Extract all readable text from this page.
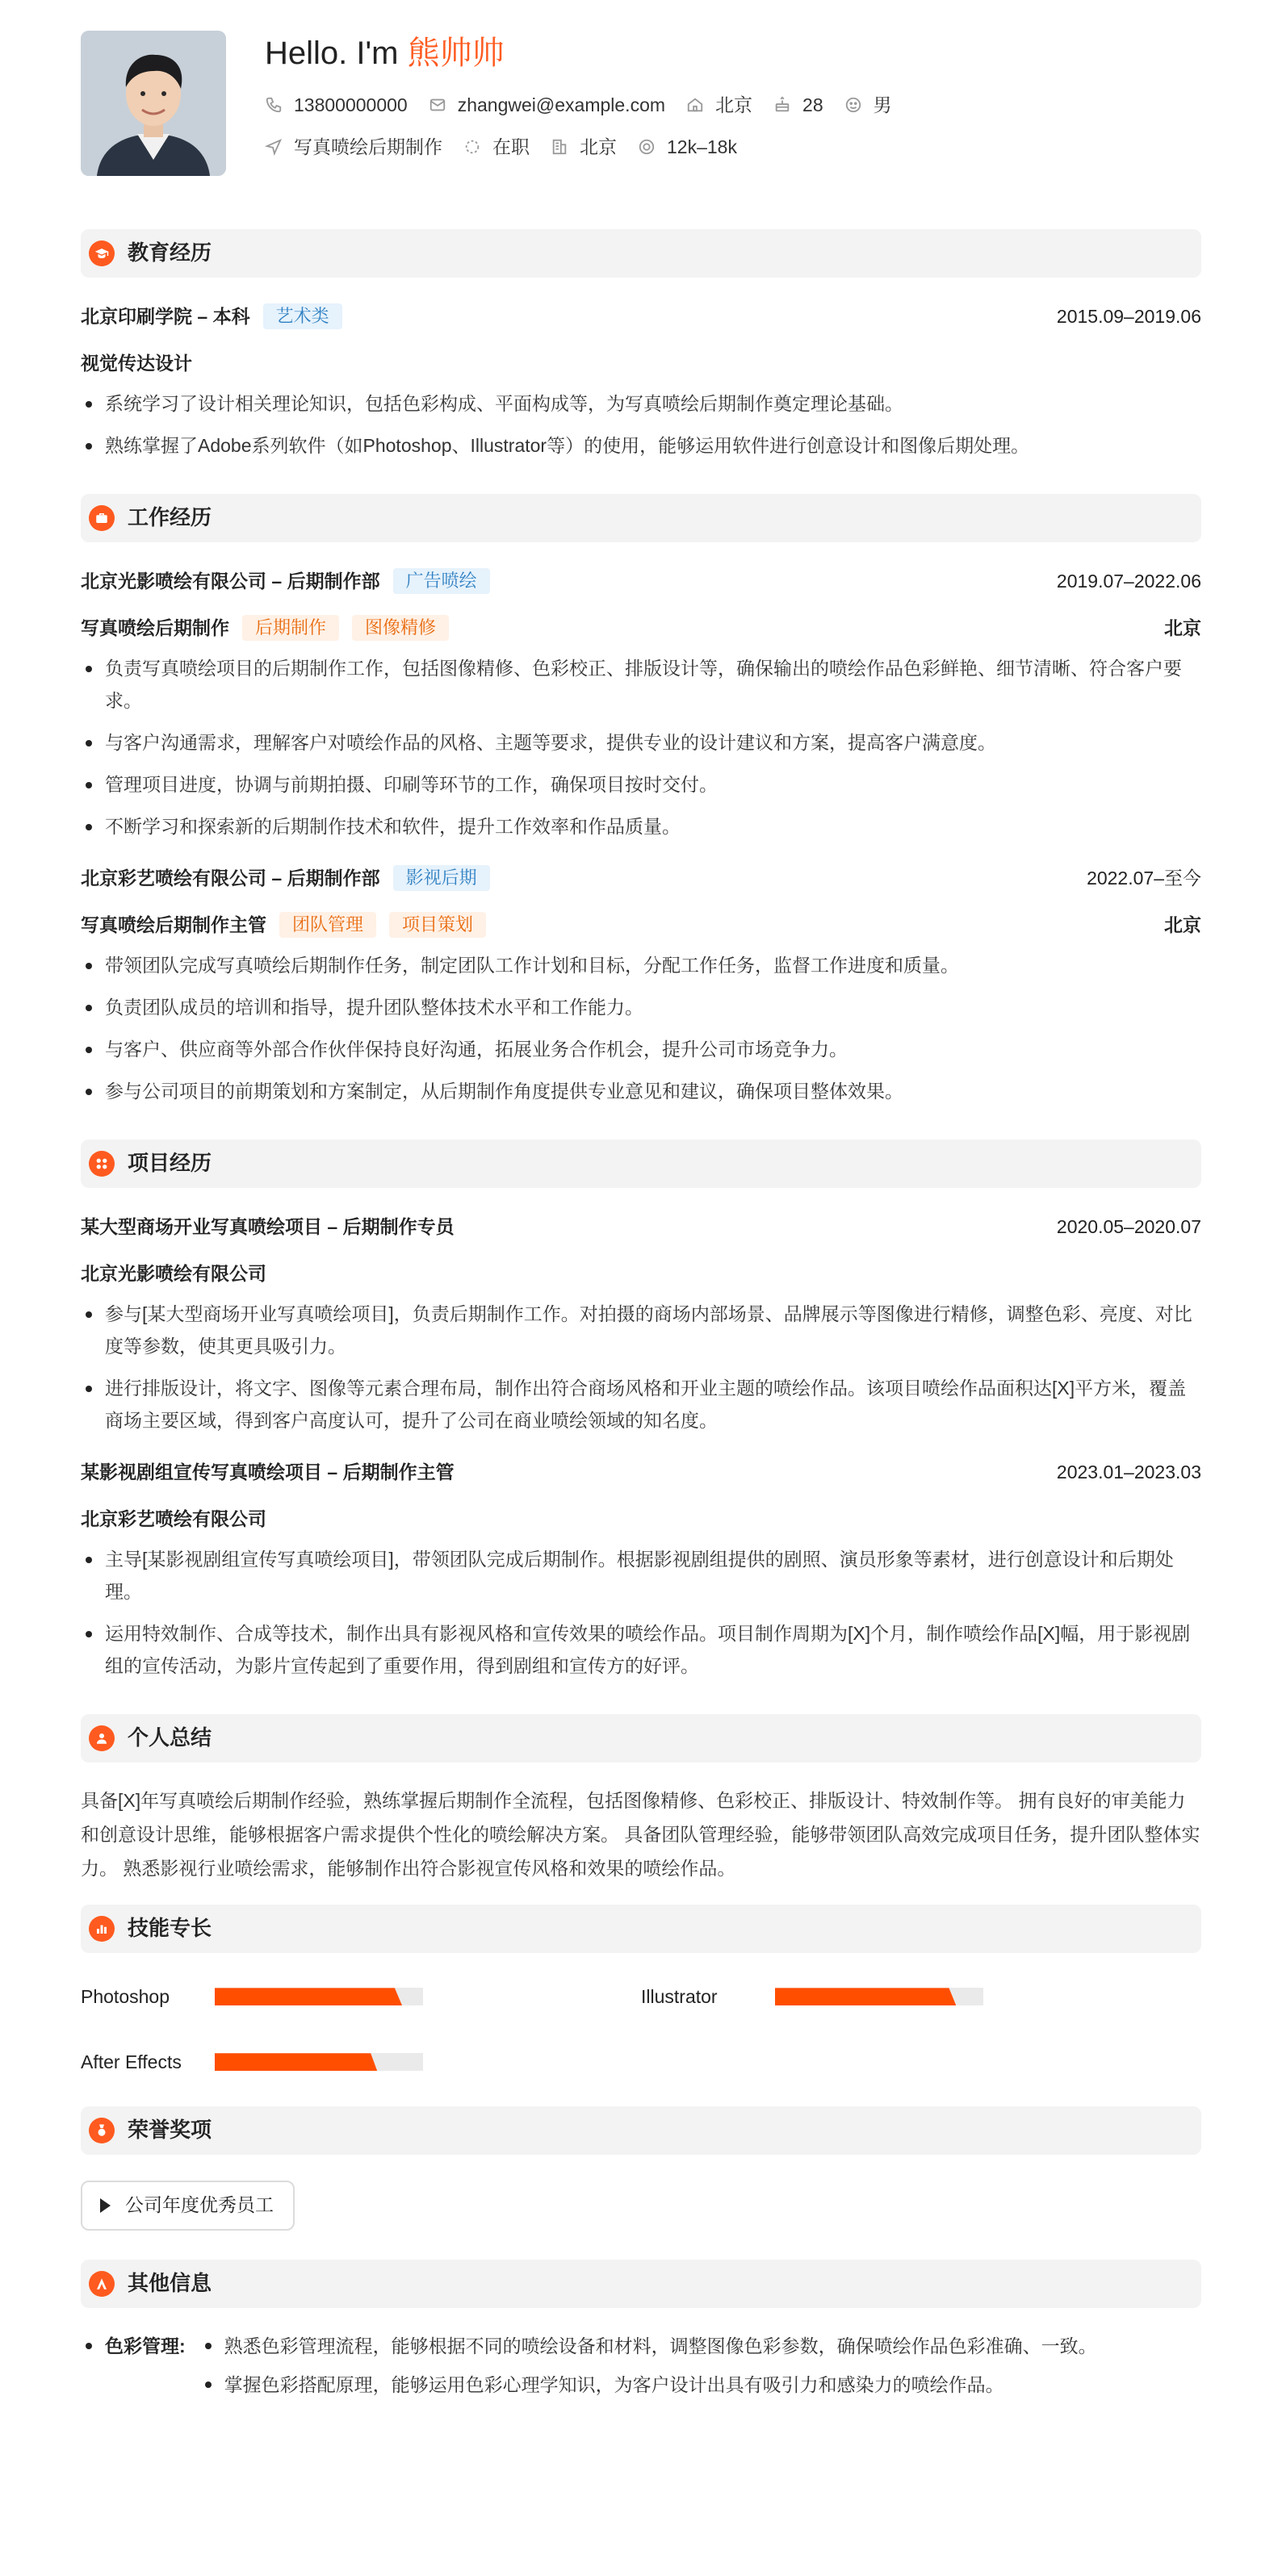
Hello. I'm 熊帅帅
13800000000	zhangwei@example.com	北京	28	男
写真喷绘后期制作	在职	北京	12k–18k
教育经历
北京印刷学院 – 本科	艺术类	2015.09–2019.06
视觉传达设计
系统学习了设计相关理论知识，包括色彩构成、平面构成等，为写真喷绘后期制作奠定理论基础。
熟练掌握了Adobe系列软件（如Photoshop、Illustrator等）的使用，能够运用软件进行创意设计和图像后期处理。
工作经历
北京光影喷绘有限公司 – 后期制作部	广告喷绘	2019.07–2022.06
写真喷绘后期制作	后期制作	图像精修	北京
负责写真喷绘项目的后期制作工作，包括图像精修、色彩校正、排版设计等，确保输出的喷绘作品色彩鲜艳、细节清晰、符合客户要求。
与客户沟通需求，理解客户对喷绘作品的风格、主题等要求，提供专业的设计建议和方案，提高客户满意度。
管理项目进度，协调与前期拍摄、印刷等环节的工作，确保项目按时交付。
不断学习和探索新的后期制作技术和软件，提升工作效率和作品质量。
北京彩艺喷绘有限公司 – 后期制作部	影视后期	2022.07–至今
写真喷绘后期制作主管	团队管理	项目策划	北京
带领团队完成写真喷绘后期制作任务，制定团队工作计划和目标，分配工作任务，监督工作进度和质量。
负责团队成员的培训和指导，提升团队整体技术水平和工作能力。
与客户、供应商等外部合作伙伴保持良好沟通，拓展业务合作机会，提升公司市场竞争力。
参与公司项目的前期策划和方案制定，从后期制作角度提供专业意见和建议，确保项目整体效果。
项目经历
某大型商场开业写真喷绘项目 – 后期制作专员	2020.05–2020.07
北京光影喷绘有限公司
参与[某大型商场开业写真喷绘项目]，负责后期制作工作。对拍摄的商场内部场景、品牌展示等图像进行精修，调整色彩、亮度、对比度等参数，使其更具吸引力。
进行排版设计，将文字、图像等元素合理布局，制作出符合商场风格和开业主题的喷绘作品。该项目喷绘作品面积达[X]平方米，覆盖商场主要区域，得到客户高度认可，提升了公司在商业喷绘领域的知名度。
某影视剧组宣传写真喷绘项目 – 后期制作主管	2023.01–2023.03
北京彩艺喷绘有限公司
主导[某影视剧组宣传写真喷绘项目]，带领团队完成后期制作。根据影视剧组提供的剧照、演员形象等素材，进行创意设计和后期处理。
运用特效制作、合成等技术，制作出具有影视风格和宣传效果的喷绘作品。项目制作周期为[X]个月，制作喷绘作品[X]幅，用于影视剧组的宣传活动，为影片宣传起到了重要作用，得到剧组和宣传方的好评。
个人总结

具备[X]年写真喷绘后期制作经验，熟练掌握后期制作全流程，包括图像精修、色彩校正、排版设计、特效制作等。 拥有良好的审美能力和创意设计思维，能够根据客户需求提供个性化的喷绘解决方案。 具备团队管理经验，能够带领团队高效完成项目任务，提升团队整体实力。 熟悉影视行业喷绘需求，能够制作出符合影视宣传风格和效果的喷绘作品。

技能专长
Photoshop	Illustrator
After Effects
荣誉奖项
公司年度优秀员工
其他信息
色彩管理:	熟悉色彩管理流程，能够根据不同的喷绘设备和材料，调整图像色彩参数，确保喷绘作品色彩准确、一致。
掌握色彩搭配原理，能够运用色彩心理学知识，为客户设计出具有吸引力和感染力的喷绘作品。
